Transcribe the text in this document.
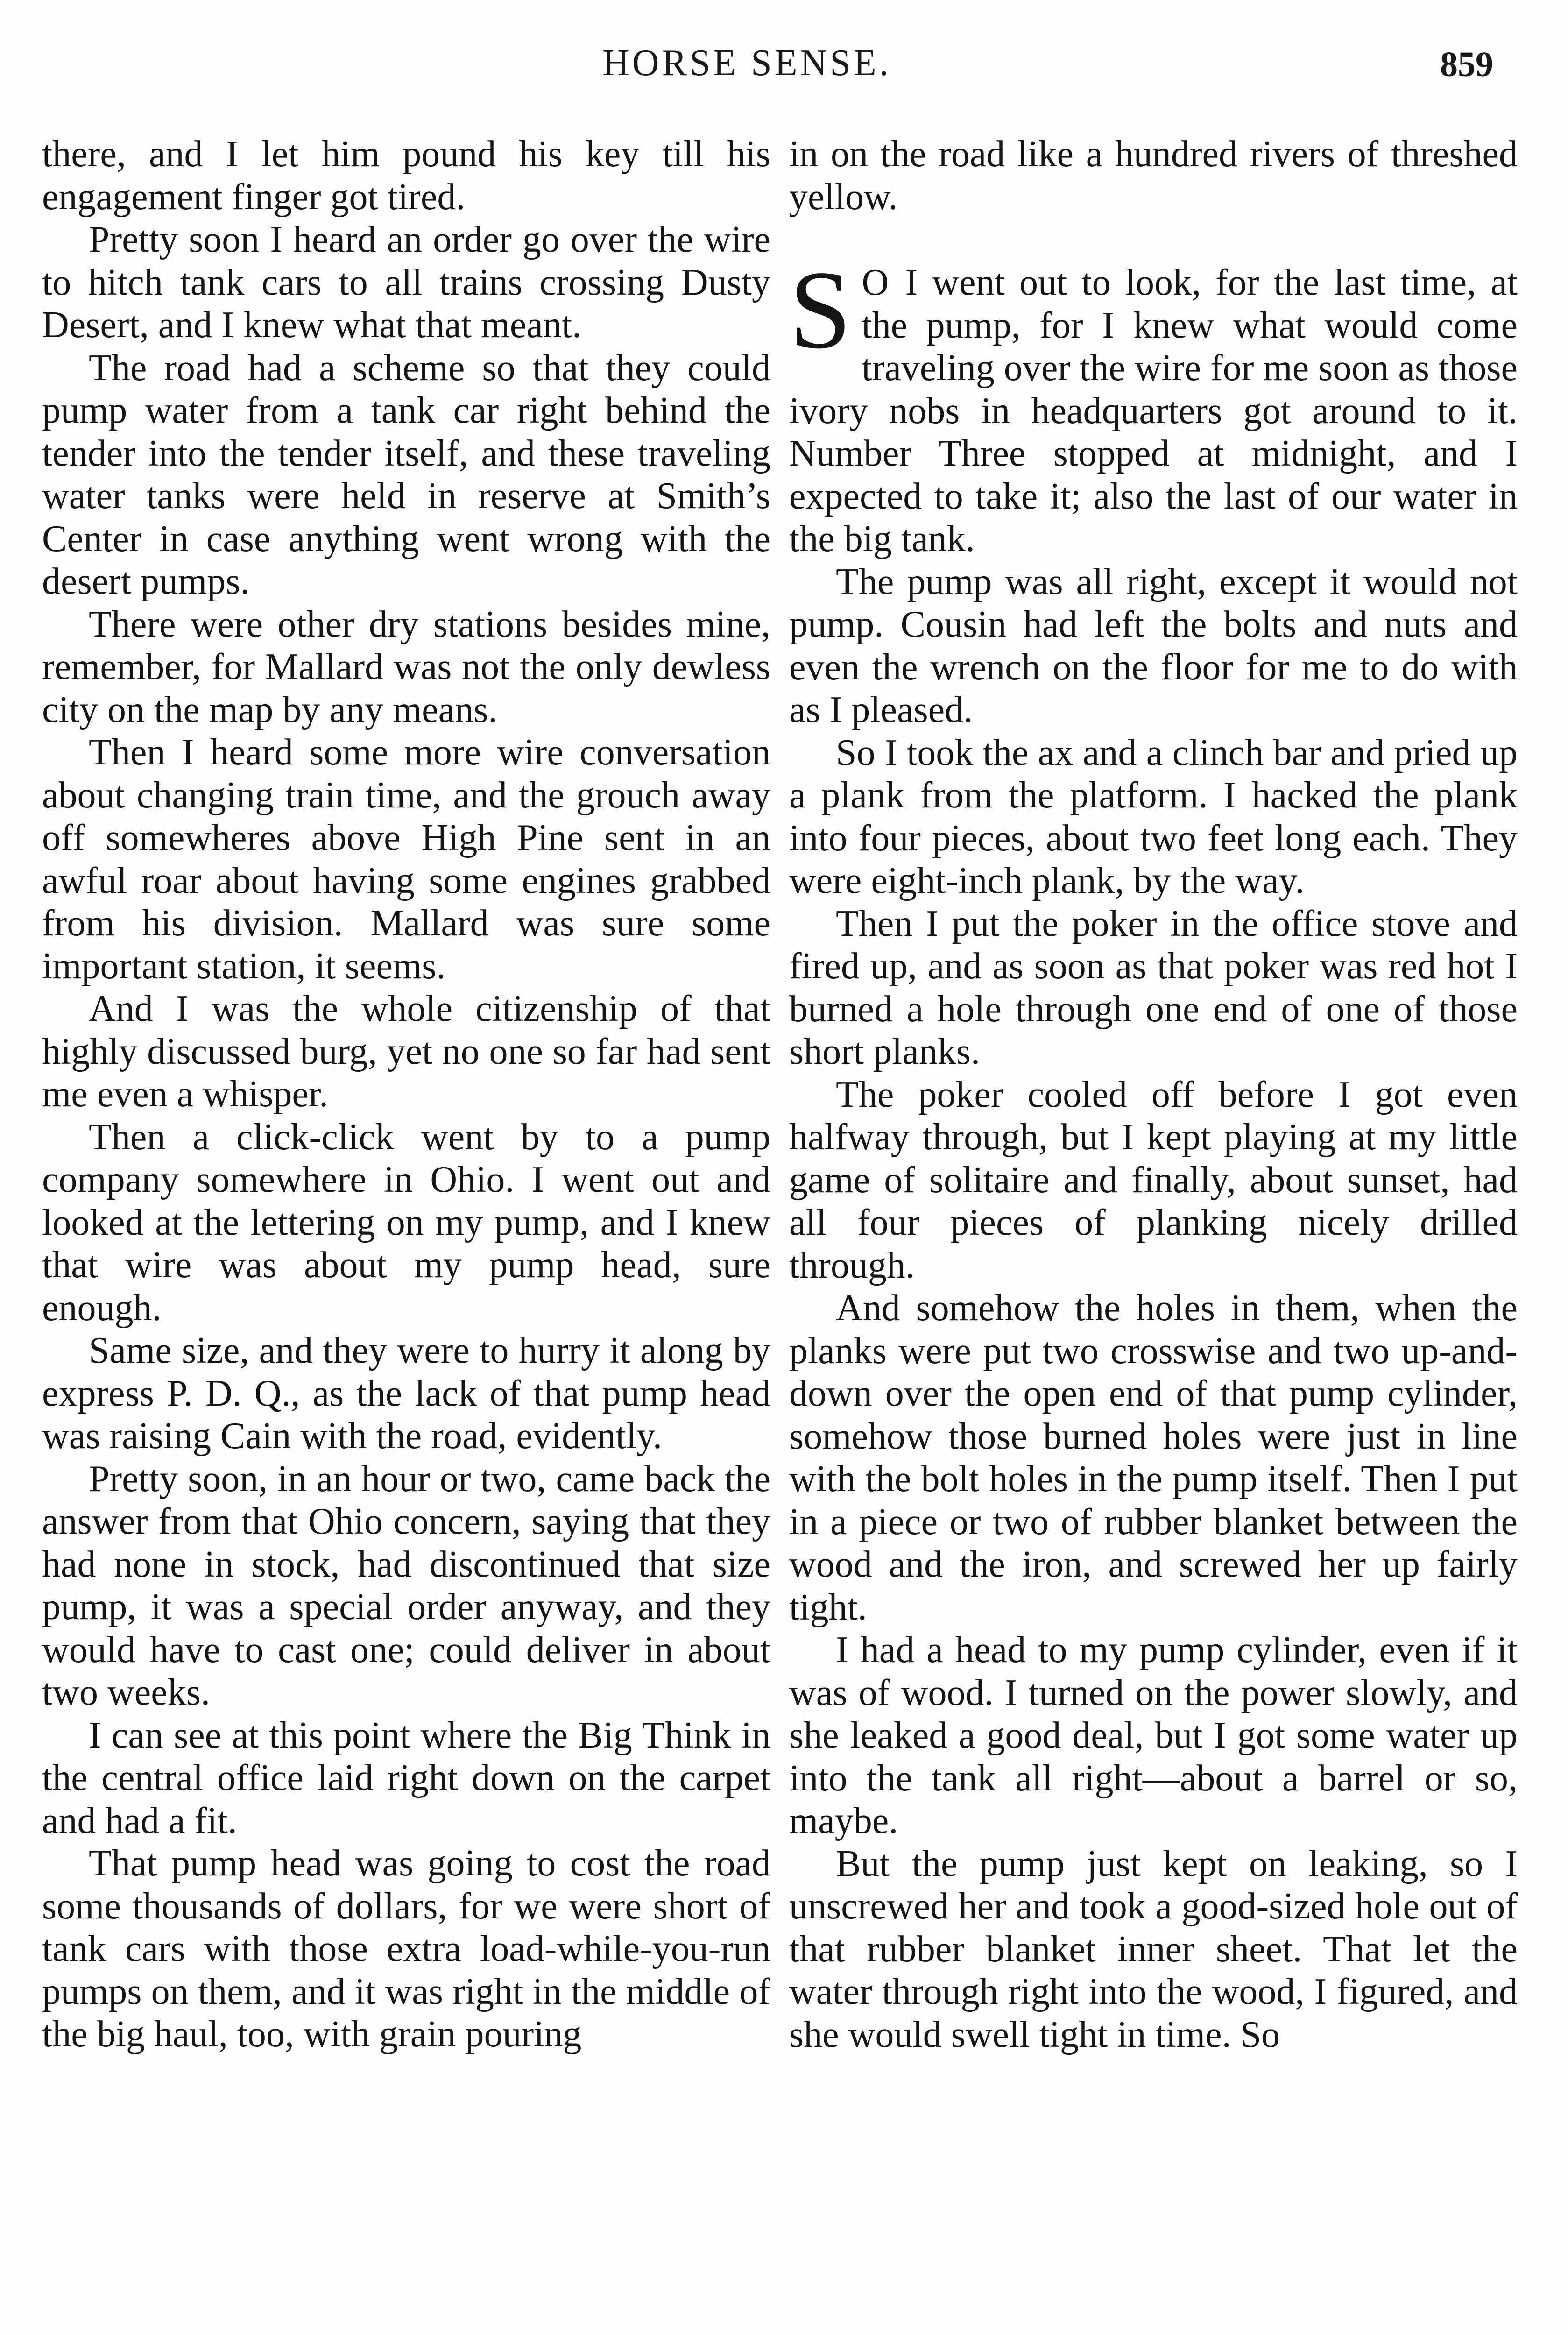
HORSE SENSE.	859

there, and I let him pound his key till his engagement finger got tired.

Pretty soon I heard an order go over the wire to hitch tank cars to all trains crossing Dusty Desert, and I knew what that meant.

The road had a scheme so that they could pump water from a tank car right behind the tender into the tender itself, and these traveling water tanks were held in reserve at Smith’s Center in case anything went wrong with the desert pumps.

There were other dry stations besides mine, remember, for Mallard was not the only dewless city on the map by any means.

Then I heard some more wire conversation about changing train time, and the grouch away off somewheres above High Pine sent in an awful roar about having some engines grabbed from his division. Mallard was sure some important station, it seems.

And I was the whole citizenship of that highly discussed burg, yet no one so far had sent me even a whisper.

Then a click-click went by to a pump company somewhere in Ohio. I went out and looked at the lettering on my pump, and I knew that wire was about my pump head, sure enough.

Same size, and they were to hurry it along by express P. D. Q., as the lack of that pump head was raising Cain with the road, evidently.

Pretty soon, in an hour or two, came back the answer from that Ohio concern, saying that they had none in stock, had discontinued that size pump, it was a special order anyway, and they would have to cast one; could deliver in about two weeks.

I can see at this point where the Big Think in the central office laid right down on the carpet and had a fit.

That pump head was going to cost the road some thousands of dollars, for we were short of tank cars with those extra load-while-you-run pumps on them, and it was right in the middle of the big haul, too, with grain pouring

in on the road like a hundred rivers of threshed yellow.

S O I went out to look, for the last time, at the pump, for I knew what would come traveling over the wire for me soon as those ivory nobs in headquarters got around to it. Number Three stopped at midnight, and I expected to take it; also the last of our water in the big tank.

The pump was all right, except it would not pump. Cousin had left the bolts and nuts and even the wrench on the floor for me to do with as I pleased.

So I took the ax and a clinch bar and pried up a plank from the platform. I hacked the plank into four pieces, about two feet long each. They were eight-inch plank, by the way.

Then I put the poker in the office stove and fired up, and as soon as that poker was red hot I burned a hole through one end of one of those short planks.

The poker cooled off before I got even halfway through, but I kept playing at my little game of solitaire and finally, about sunset, had all four pieces of planking nicely drilled through.

And somehow the holes in them, when the planks were put two crosswise and two up-and-down over the open end of that pump cylinder, somehow those burned holes were just in line with the bolt holes in the pump itself. Then I put in a piece or two of rubber blanket between the wood and the iron, and screwed her up fairly tight.

I had a head to my pump cylinder, even if it was of wood. I turned on the power slowly, and she leaked a good deal, but I got some water up into the tank all right—about a barrel or so, maybe.

But the pump just kept on leaking, so I unscrewed her and took a good-sized hole out of that rubber blanket inner sheet. That let the water through right into the wood, I figured, and she would swell tight in time. So
